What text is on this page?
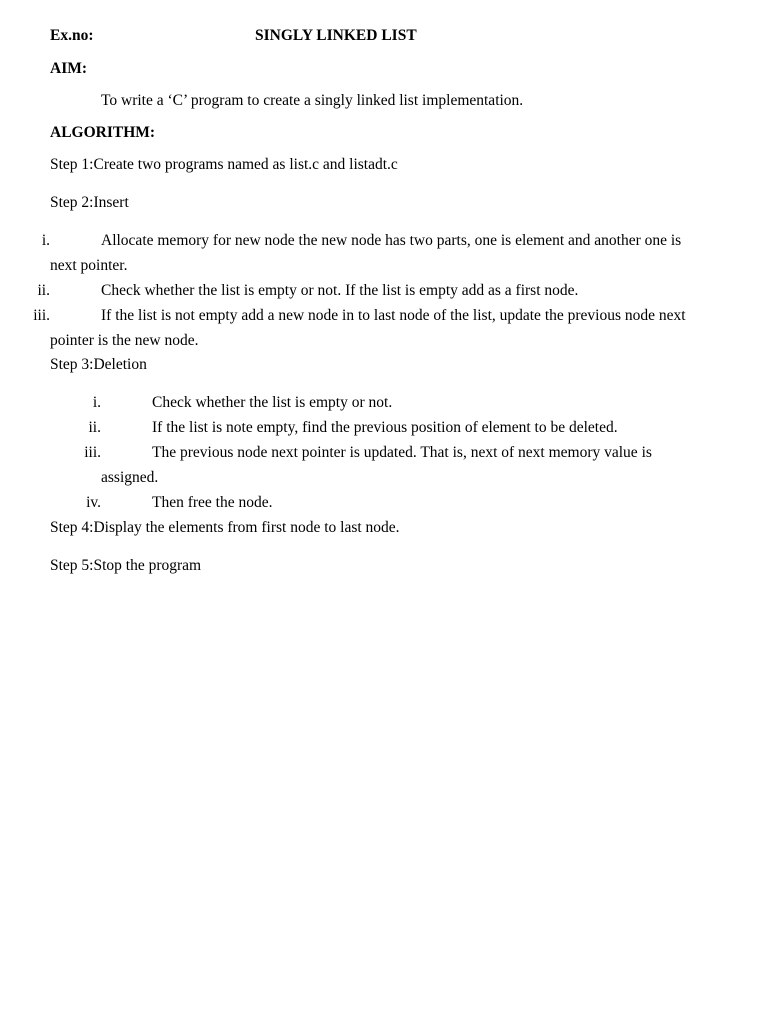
Ex.no:	SINGLY LINKED LIST
AIM:
To write a ‘C’ program to create a singly linked list implementation.
ALGORITHM:
Step 1:Create two programs named as list.c and listadt.c
Step 2:Insert
i.	Allocate memory for new node the new node has two parts, one is element and another one is
next pointer.
ii.	Check whether the list is empty or not. If the list is empty add as a first node.
iii.	If the list is not empty add a new node in to last node of the list, update the previous node next
pointer is the new node.
Step 3:Deletion
i.	Check whether the list is empty or not.
ii.	If the list is note empty, find the previous position of element to be deleted.
iii.	The previous node next pointer is updated. That is, next of next memory value is
assigned.
iv.	Then free the node.
Step 4:Display the elements from first node to last node.
Step 5:Stop the program
